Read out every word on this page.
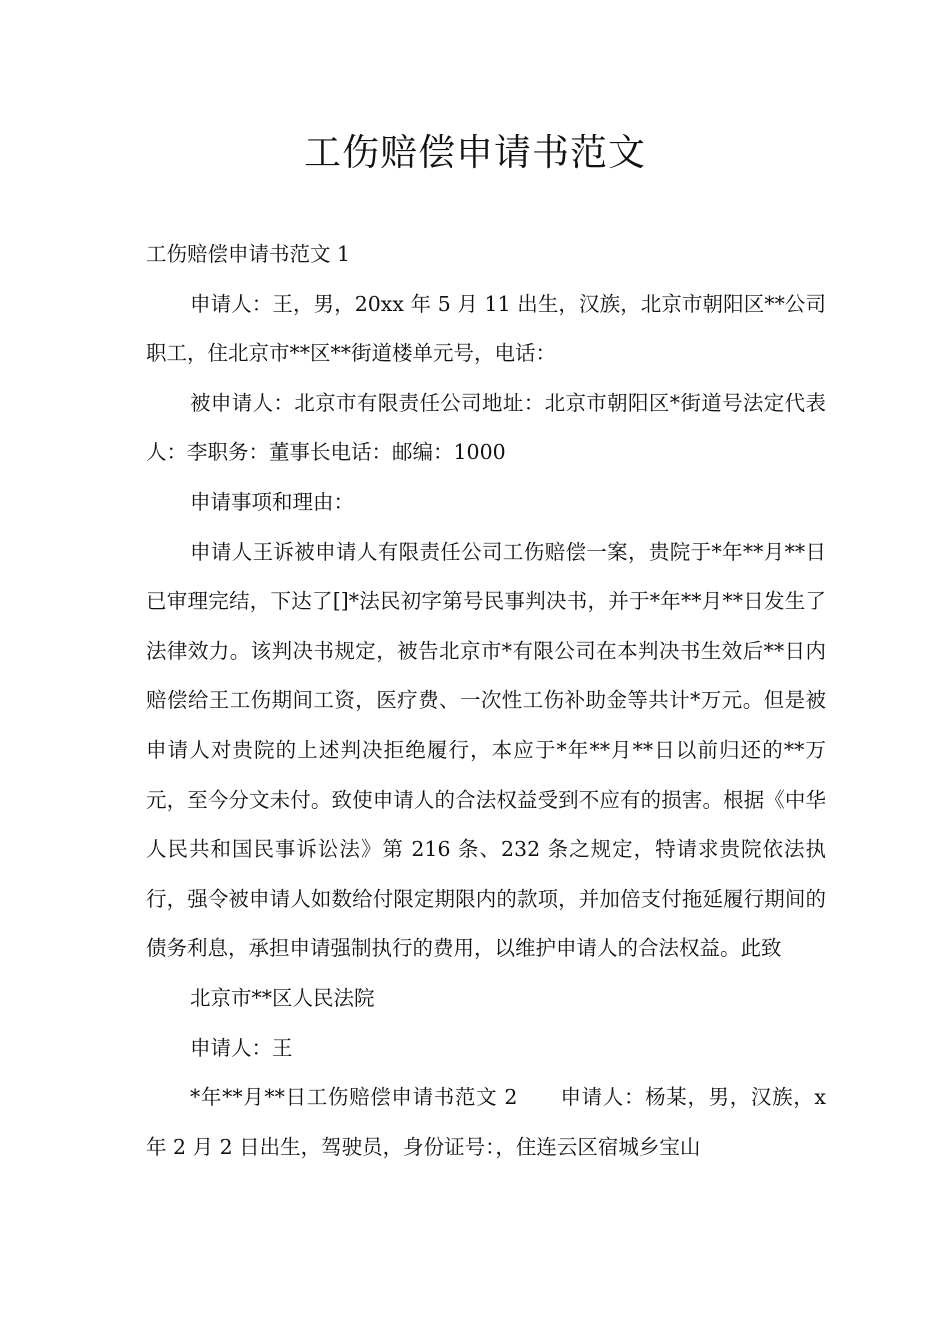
工伤赔偿申请书范文

工伤赔偿申请书范文 1

申请人：王，男，20xx 年 5 月 11 出生，汉族，北京市朝阳区**公司职工，住北京市**区**街道楼单元号，电话：

被申请人：北京市有限责任公司地址：北京市朝阳区*街道号法定代表人：李职务：董事长电话：邮编：1000

申请事项和理由：

申请人王诉被申请人有限责任公司工伤赔偿一案，贵院于*年**月**日已审理完结，下达了[]*法民初字第号民事判决书，并于*年**月**日发生了法律效力。该判决书规定，被告北京市*有限公司在本判决书生效后**日内赔偿给王工伤期间工资，医疗费、一次性工伤补助金等共计*万元。但是被申请人对贵院的上述判决拒绝履行，本应于*年**月**日以前归还的**万元，至今分文未付。致使申请人的合法权益受到不应有的损害。根据《中华人民共和国民事诉讼法》第 216 条、232 条之规定，特请求贵院依法执行，强令被申请人如数给付限定期限内的款项，并加倍支付拖延履行期间的债务利息，承担申请强制执行的费用，以维护申请人的合法权益。此致

北京市**区人民法院

申请人：王

*年**月**日工伤赔偿申请书范文 2　　申请人：杨某，男，汉族，x 年 2 月 2 日出生，驾驶员，身份证号：，住连云区宿城乡宝山
